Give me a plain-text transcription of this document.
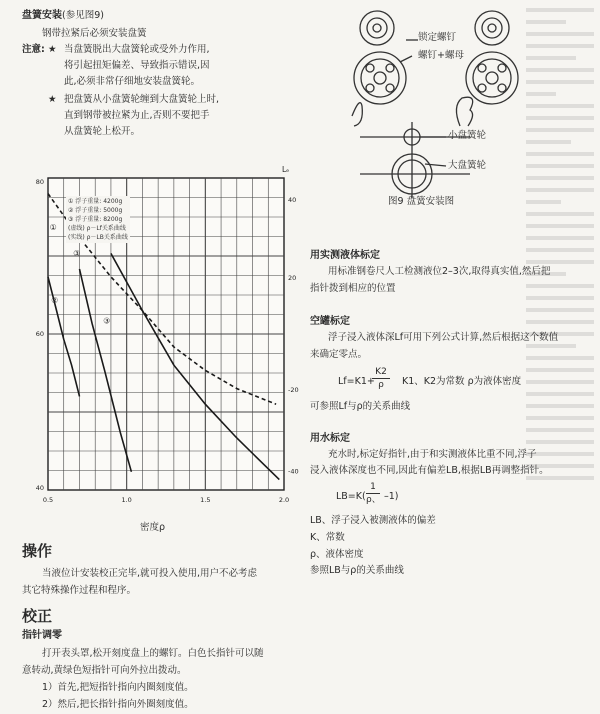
盘簧安装(参见图9)
钢带拉紧后必须安装盘簧
注意: ★ 当盘簧脱出大盘簧轮或受外力作用,
将引起扭矩偏差、导致指示错误,因
此,必须非常仔细地安装盘簧轮。
★ 把盘簧从小盘簧轮缠到大盘簧轮上时,
直到钢带被拉紧为止,否则不要把手
从盘簧轮上松开。
锁定螺钉
螺钉+螺母
小盘簧轮
大盘簧轮
图9 盘簧安装图
①
②
③
③
0.5	1.0	1.5	2.0
80
60
40
40
20
-20
-40
Lₑ
① 浮子重量: 4200g
② 浮子重量: 5000g
③ 浮子重量: 8200g
(虚线) ρ－Lf关系曲线
(实线) ρ－LB关系曲线
密度ρ
操作
当液位计安装校正完毕,就可投入使用,用户不必考虑
其它特殊操作过程和程序。
校正
指针调零
打开表头罩,松开刻度盘上的螺钉。白色长指针可以随
意转动,黄绿色短指针可向外拉出拨动。
1）首先,把短指针指向内圈刻度值。
2）然后,把长指针指向外圈刻度值。
用实测液体标定
用标准钢卷尺人工检测液位2–3次,取得真实值,然后把
指针拨到相应的位置
空罐标定
浮子浸入液体深Lf可用下列公式计算,然后根据这个数值
来确定零点。
Lf=K1+
K2
ρ	K1、K2为常数 ρ为液体密度
可参照Lf与ρ的关系曲线
用水标定
充水时,标定好指针,由于和实测液体比重不同,浮子
浸入液体深度也不同,因此有偏差LB,根据LB再调整指针。
LB=K(
1
ρ、 –1)
LB、浮子浸入被测液体的偏差
K、常数
ρ、液体密度
参照LB与ρ的关系曲线
